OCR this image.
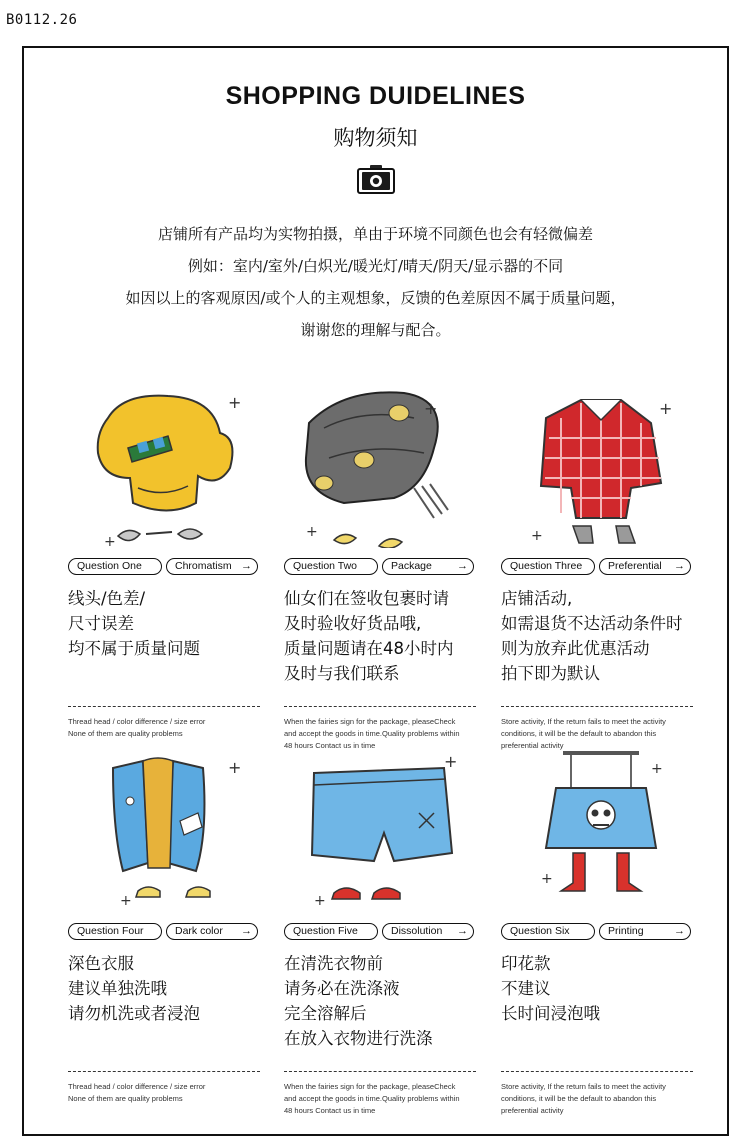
B0112.26
SHOPPING DUIDELINES
购物须知
店铺所有产品均为实物拍摄，单由于环境不同颜色也会有轻微偏差
例如：室内/室外/白炽光/暖光灯/晴天/阴天/显示器的不同
如因以上的客观原因/或个人的主观想象，反馈的色差原因不属于质量问题，
谢谢您的理解与配合。
+
+
Question One	Chromatism →
线头/色差/
尺寸误差
均不属于质量问题
Thread head / color difference / size error
None of them are quality problems
+
+
Question Two	Package →
仙女们在签收包裹时请
及时验收好货品哦,
质量问题请在48小时内
及时与我们联系
When the fairies sign for the package, pleaseCheck
and accept the goods in time.Quality problems within
48 hours Contact us in time
+
+
Question Three	Preferential →
店铺活动,
如需退货不达活动条件时
则为放弃此优惠活动
拍下即为默认
Store activity, If the return fails to meet the activity
conditions, it will be the default to abandon this
preferential activity
+
+
Question Four	Dark color →
深色衣服
建议单独洗哦
请勿机洗或者浸泡
Thread head / color difference / size error
None of them are quality problems
+
+
Question Five	Dissolution →
在清洗衣物前
请务必在洗涤液
完全溶解后
在放入衣物进行洗涤
When the fairies sign for the package, pleaseCheck
and accept the goods in time.Quality problems within
48 hours Contact us in time
+
+
Question Six	Printing	→
印花款
不建议
长时间浸泡哦
Store activity, If the return fails to meet the activity
conditions, it will be the default to abandon this
preferential activity
